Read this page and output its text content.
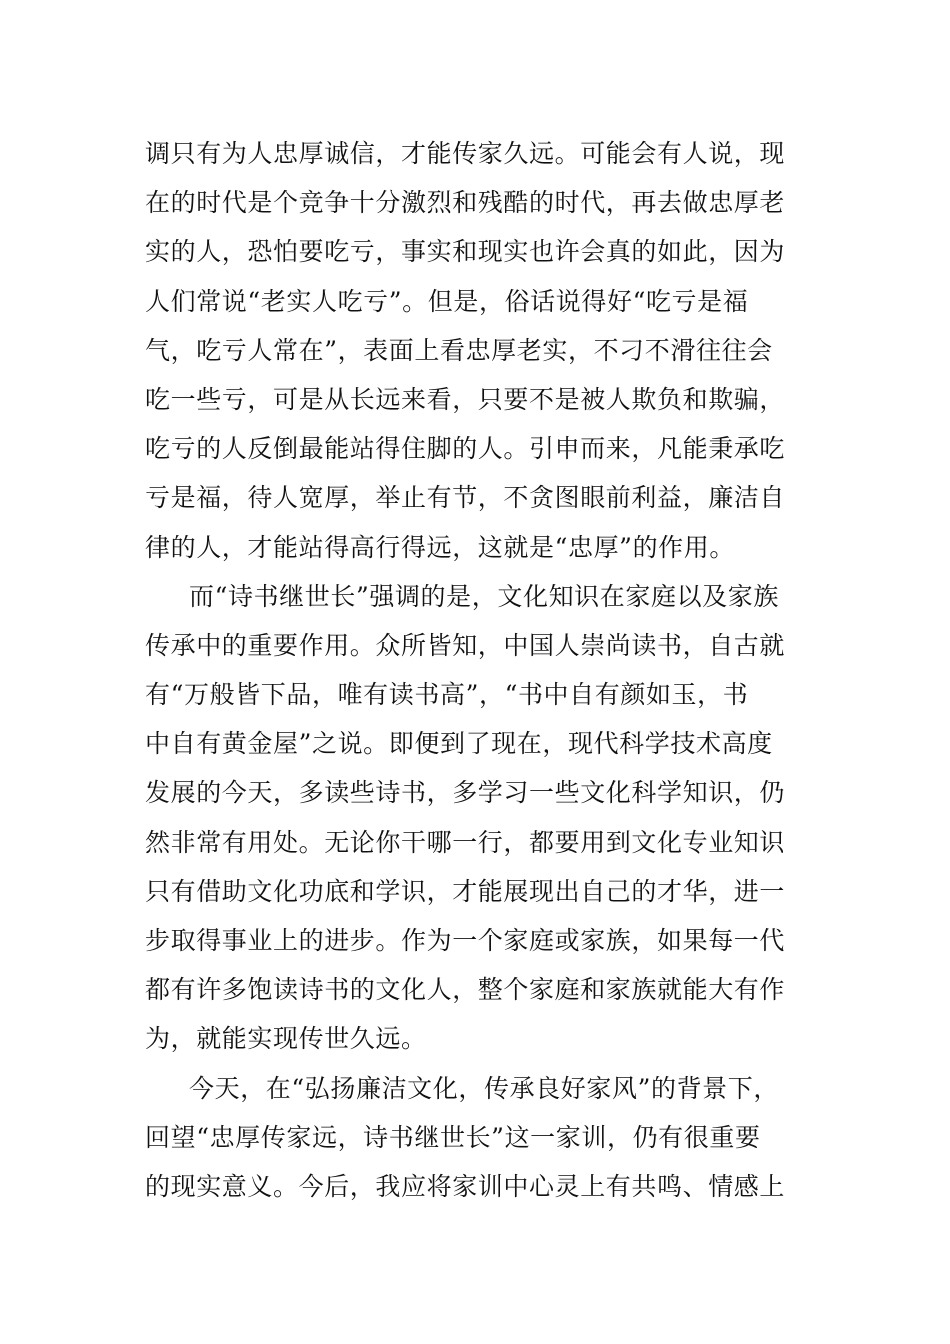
调只有为人忠厚诚信，才能传家久远。可能会有人说，现
在的时代是个竞争十分激烈和残酷的时代，再去做忠厚老
实的人，恐怕要吃亏，事实和现实也许会真的如此，因为
人们常说“老实人吃亏”。但是，俗话说得好“吃亏是福
气，吃亏人常在”，表面上看忠厚老实，不刁不滑往往会
吃一些亏，可是从长远来看，只要不是被人欺负和欺骗，
吃亏的人反倒最能站得住脚的人。引申而来，凡能秉承吃
亏是福，待人宽厚，举止有节，不贪图眼前利益，廉洁自
律的人，才能站得高行得远，这就是“忠厚”的作用。
而“诗书继世长”强调的是，文化知识在家庭以及家族
传承中的重要作用。众所皆知，中国人崇尚读书，自古就
有“万般皆下品，唯有读书高”，“书中自有颜如玉，书
中自有黄金屋”之说。即便到了现在，现代科学技术高度
发展的今天，多读些诗书，多学习一些文化科学知识，仍
然非常有用处。无论你干哪一行，都要用到文化专业知识
只有借助文化功底和学识，才能展现出自己的才华，进一
步取得事业上的进步。作为一个家庭或家族，如果每一代
都有许多饱读诗书的文化人，整个家庭和家族就能大有作
为，就能实现传世久远。
今天，在“弘扬廉洁文化，传承良好家风”的背景下，
回望“忠厚传家远，诗书继世长”这一家训，仍有很重要
的现实意义。今后，我应将家训中心灵上有共鸣、情感上
